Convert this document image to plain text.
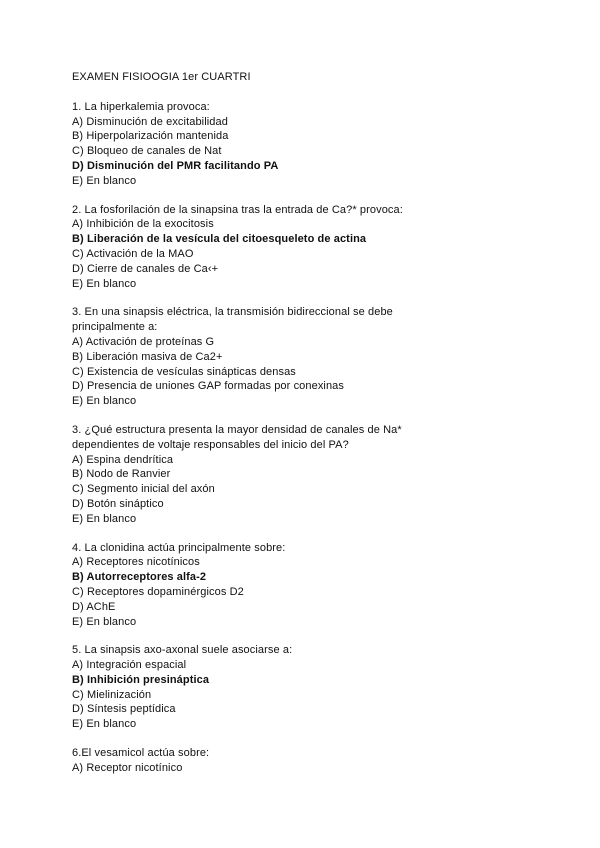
EXAMEN FISIOOGIA 1er CUARTRI
1. La hiperkalemia provoca:
A) Disminución de excitabilidad
B) Hiperpolarización mantenida
C) Bloqueo de canales de Nat
D) Disminución del PMR facilitando PA
E) En blanco
2. La fosforilación de la sinapsina tras la entrada de Ca?* provoca:
A) Inhibición de la exocitosis
B) Liberación de la vesícula del citoesqueleto de actina
C) Activación de la MAO
D) Cierre de canales de Ca‹+
E) En blanco
3. En una sinapsis eléctrica, la transmisión bidireccional se debe
principalmente a:
A) Activación de proteínas G
B) Liberación masiva de Ca2+
C) Existencia de vesículas sinápticas densas
D) Presencia de uniones GAP formadas por conexinas
E) En blanco
3. ¿Qué estructura presenta la mayor densidad de canales de Na*
dependientes de voltaje responsables del inicio del PA?
A) Espina dendrítica
B) Nodo de Ranvier
C) Segmento inicial del axón
D) Botón sináptico
E) En blanco
4. La clonidina actúa principalmente sobre:
A) Receptores nicotínicos
B) Autorreceptores alfa-2
C) Receptores dopaminérgicos D2
D) AChE
E) En blanco
5. La sinapsis axo-axonal suele asociarse a:
A) Integración espacial
B) Inhibición presináptica
C) Mielinización
D) Síntesis peptídica
E) En blanco
6.El vesamicol actúa sobre:
A) Receptor nicotínico
